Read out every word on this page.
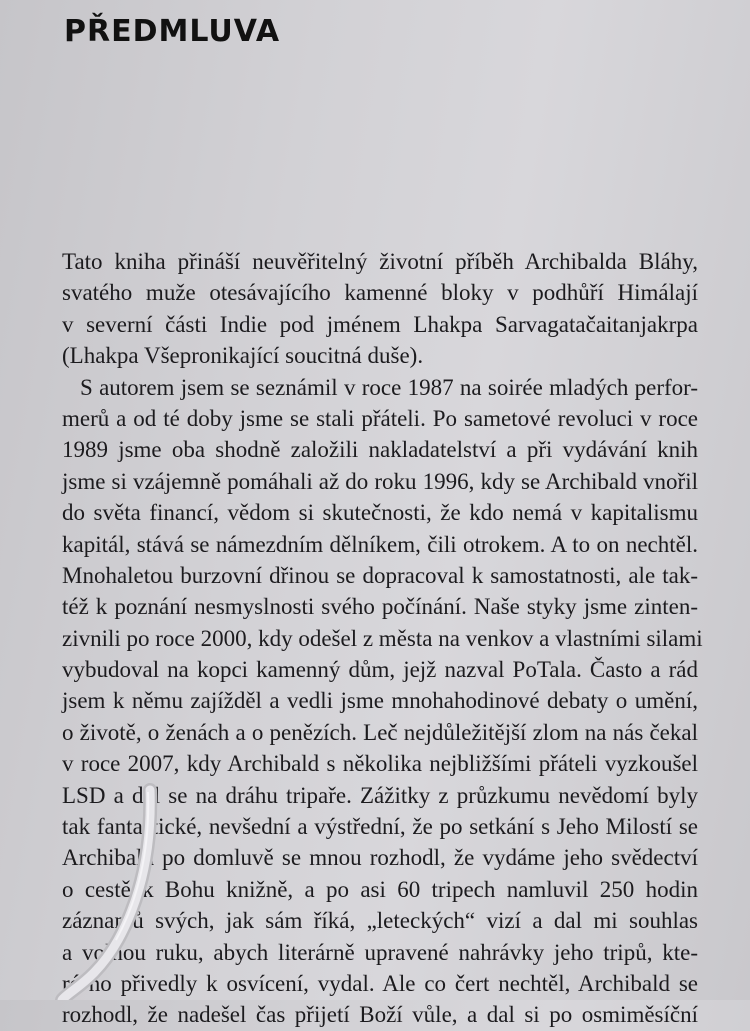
PŘEDMLUVA
Tato kniha přináší neuvěřitelný životní příběh Archibalda Bláhy,
svatého muže otesávajícího kamenné bloky v podhůří Himálají
v severní části Indie pod jménem Lhakpa Sarvagatačaitanjakrpa
(Lhakpa Všepronikající soucitná duše).
S autorem jsem se seznámil v roce 1987 na soirée mladých perfor-
merů a od té doby jsme se stali přáteli. Po sametové revoluci v roce
1989 jsme oba shodně založili nakladatelství a při vydávání knih
jsme si vzájemně pomáhali až do roku 1996, kdy se Archibald vnořil
do světa financí, vědom si skutečnosti, že kdo nemá v kapitalismu
kapitál, stává se námezdním dělníkem, čili otrokem. A to on nechtěl.
Mnohaletou burzovní dřinou se dopracoval k samostatnosti, ale tak-
též k poznání nesmyslnosti svého počínání. Naše styky jsme zinten-
zivnili po roce 2000, kdy odešel z města na venkov a vlastními silami
vybudoval na kopci kamenný dům, jejž nazval PoTala. Často a rád
jsem k němu zajížděl a vedli jsme mnohahodinové debaty o umění,
o životě, o ženách a o penězích. Leč nejdůležitější zlom na nás čekal
v roce 2007, kdy Archibald s několika nejbližšími přáteli vyzkoušel
LSD a dal se na dráhu tripaře. Zážitky z průzkumu nevědomí byly
tak fantastické, nevšední a výstřední, že po setkání s Jeho Milostí se
Archibald po domluvě se mnou rozhodl, že vydáme jeho svědectví
o cestě k Bohu knižně, a po asi 60 tripech namluvil 250 hodin
záznamů svých, jak sám říká, „leteckých“ vizí a dal mi souhlas
a volnou ruku, abych literárně upravené nahrávky jeho tripů, kte-
ré ho přivedly k osvícení, vydal. Ale co čert nechtěl, Archibald se
rozhodl, že nadešel čas přijetí Boží vůle, a dal si po osmiměsíční
